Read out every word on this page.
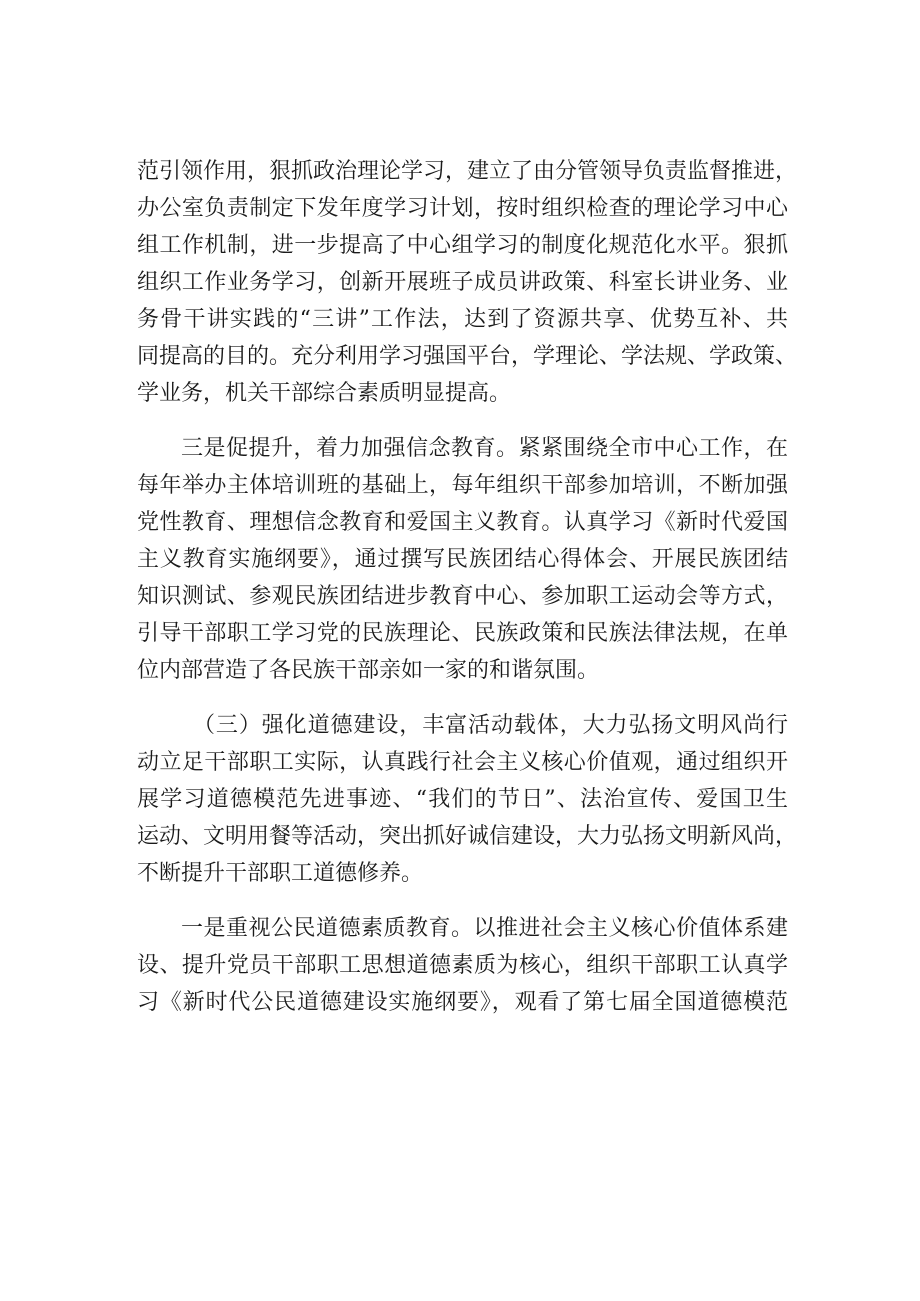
范引领作用，狠抓政治理论学习，建立了由分管领导负责监督推进，
办公室负责制定下发年度学习计划，按时组织检查的理论学习中心
组工作机制，进一步提高了中心组学习的制度化规范化水平。狠抓
组织工作业务学习，创新开展班子成员讲政策、科室长讲业务、业
务骨干讲实践的“三讲”工作法，达到了资源共享、优势互补、共
同提高的目的。充分利用学习强国平台，学理论、学法规、学政策、
学业务，机关干部综合素质明显提高。
三是促提升，着力加强信念教育。紧紧围绕全市中心工作，在
每年举办主体培训班的基础上，每年组织干部参加培训，不断加强
党性教育、理想信念教育和爱国主义教育。认真学习《新时代爱国
主义教育实施纲要》，通过撰写民族团结心得体会、开展民族团结
知识测试、参观民族团结进步教育中心、参加职工运动会等方式，
引导干部职工学习党的民族理论、民族政策和民族法律法规，在单
位内部营造了各民族干部亲如一家的和谐氛围。
（三）强化道德建设，丰富活动载体，大力弘扬文明风尚行
动立足干部职工实际，认真践行社会主义核心价值观，通过组织开
展学习道德模范先进事迹、“我们的节日”、法治宣传、爱国卫生
运动、文明用餐等活动，突出抓好诚信建设，大力弘扬文明新风尚，
不断提升干部职工道德修养。
一是重视公民道德素质教育。以推进社会主义核心价值体系建
设、提升党员干部职工思想道德素质为核心，组织干部职工认真学
习《新时代公民道德建设实施纲要》，观看了第七届全国道德模范
